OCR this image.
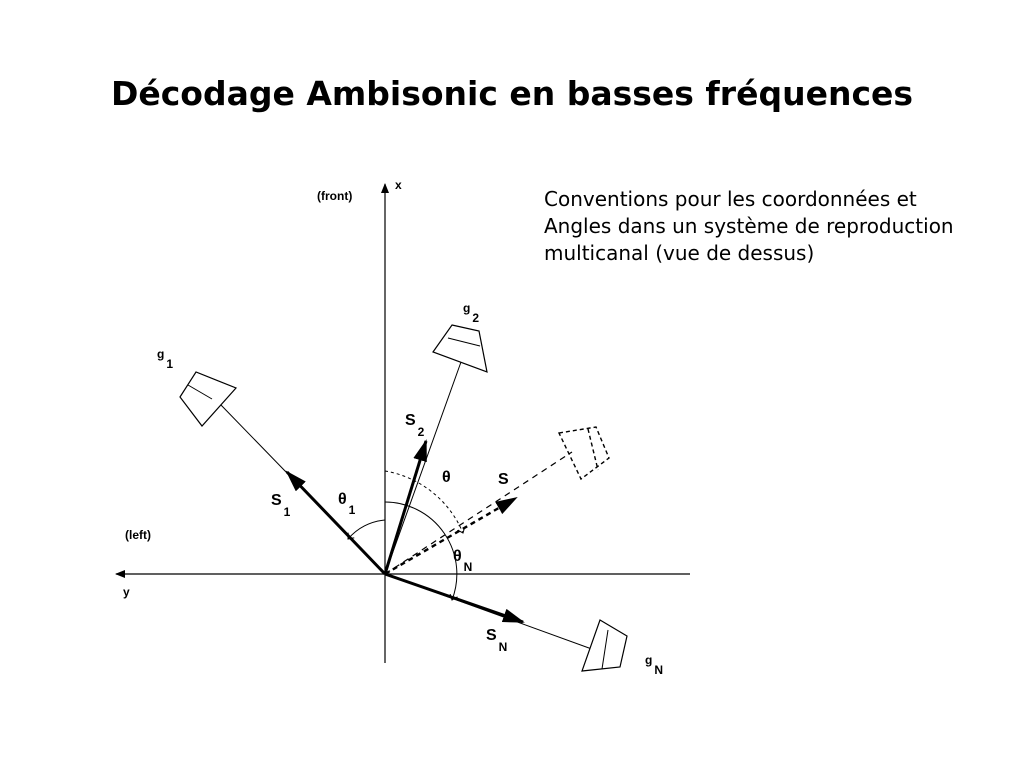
Décodage Ambisonic en basses fréquences

Conventions pour les coordonnées et Angles dans un système de reproduction multicanal (vue de dessus)

x
(front)
(left)
y
g1
g2
gN
$S_1$
$S_2$
$S_N$
S
$\theta_1$
θ
$\theta_N$
